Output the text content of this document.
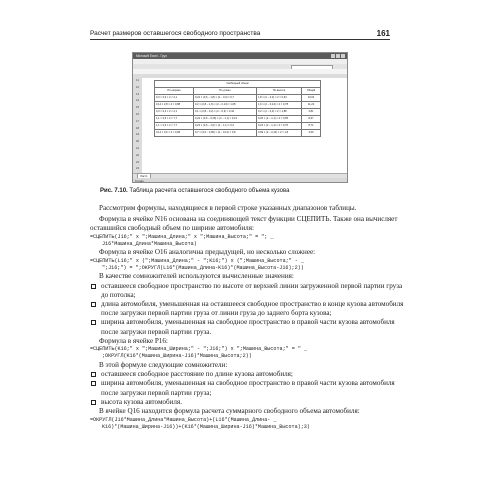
Расчет размеров оставшегося свободного пространства	161
Microsoft Excel - Груз
11
12
13
14
15
16
17
18
19
20
21
22
23
24
Свободный объем			
По ширине	По длине	По высоте	Общий
0,3 × 3,6 × 2 = 2,1	0,22 × (3,6 – 1,8) × (2 – 0,3) = 0,7	1,8 × (2 – 0,3) × 2 = 0,64	10,04
0,14 × 2,8 × 2 = 0,88	0,2 × (2,8 – 1,6) × (2 – 0,14) = 1,08	1,6 × (2 – 0,14) × 2 = 0,78	11,22
0,3 × 3,4 × 2 = 2,1	0,1 × (2,8 – 0,2) × (2 – 0,3) = 0,44	0,2 × (2 – 0,3) × 2 = 1,88	4,81
1,1 × 3,5 × 2 = 7,7	0,22 × (3,6 – 0,26) × (2 – 1,1) = 0,13	0,26 × (2 – 1,1) × 2 = 0,55	8,97
1,1 × 3,6 × 2 = 7,7	0,22 × (2,6 – 1,6) × (2 – 1,1) = 0,2	0,22 × (2 – 1,1) × 2 = 0,76	8,71
0,14 × 3,6 × 2 = 0,98	0,7 × (3,6 – 0,95) × (2 – 0,14) = 0,8	0,99 × (2 – 0,14) × 2 = 1,8	3,66
Лист1
Готово
Рис. 7.10. Таблица расчета оставшегося свободного объема кузова

Рассмотрим формулы, находящиеся в первой строке указанных диапазонов таблицы.

Формула в ячейке N16 основана на соединяющей текст функции СЦЕПИТЬ. Также она вычисляет оставшийся свободный объем по ширине автомобиля:

=СЦЕПИТЬ(J16;" х ";Машина_Длина;" х ";Машина_Высота;" = "; _
J16*Машина_Длина*Машина_Высота)

Формула в ячейке O16 аналогична предыдущей, но несколько сложнее:

=СЦЕПИТЬ(L16;" х (";Машина_Длина;" - ";K16;") х (";Машина_Высота;" - _
";J16;") = ";ОКРУГЛ(L16*(Машина_Длина-K16)*(Машина_Высота-J16);2))

В качестве сомножителей используются вычисленные значения:

оставшееся свободное пространство по высоте от верхней линии загруженной первой партии груза до потолка;
длина автомобиля, уменьшенная на оставшееся свободное пространство в конце кузова автомобиля после загрузки первой партии груза от линии груза до заднего борта кузова;
ширина автомобиля, уменьшенная на свободное пространство в правой части кузова автомобиля после загрузки первой партии груза.

Формула в ячейке P16:

=СЦЕПИТЬ(K16;" х ";Машина_Ширина;" - ";J16;") х ";Машина_Высота;" = " _
;ОКРУГЛ(K16*(Машина_Ширина-J16)*Машина_Высота;2))

В этой формуле следующие сомножители:

оставшееся свободное расстояние по длине кузова автомобиля;
ширина автомобиля, уменьшенная на свободное пространство в правой части кузова автомобиля после загрузки первой партии груза;
высота кузова автомобиля.

В ячейке Q16 находится формула расчета суммарного свободного объема автомобиля:

=ОКРУГЛ(J16*Машина_Длина*Машина_Высота)+(L16*(Машина_Длина- _
K16)*(Машина_Ширина-J16))+(K16*(Машина_Ширина-J16)*Машина_Высота);3)
